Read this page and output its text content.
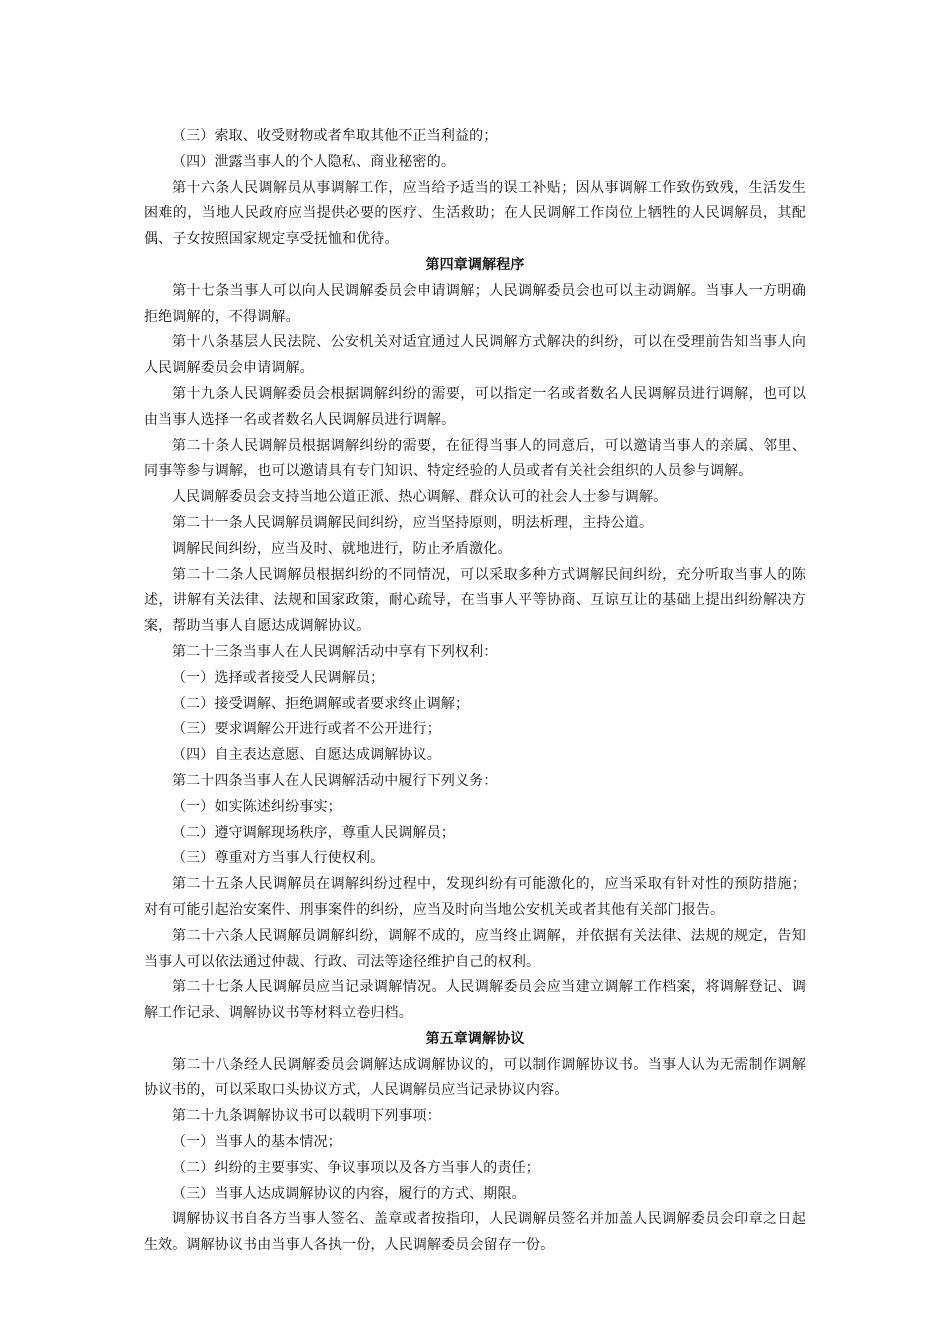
（三）索取、收受财物或者牟取其他不正当利益的；

（四）泄露当事人的个人隐私、商业秘密的。

第十六条人民调解员从事调解工作，应当给予适当的误工补贴；因从事调解工作致伤致残，生活发生困难的，当地人民政府应当提供必要的医疗、生活救助；在人民调解工作岗位上牺牲的人民调解员，其配偶、子女按照国家规定享受抚恤和优待。

第四章调解程序

第十七条当事人可以向人民调解委员会申请调解；人民调解委员会也可以主动调解。当事人一方明确拒绝调解的，不得调解。

第十八条基层人民法院、公安机关对适宜通过人民调解方式解决的纠纷，可以在受理前告知当事人向人民调解委员会申请调解。

第十九条人民调解委员会根据调解纠纷的需要，可以指定一名或者数名人民调解员进行调解，也可以由当事人选择一名或者数名人民调解员进行调解。

第二十条人民调解员根据调解纠纷的需要，在征得当事人的同意后，可以邀请当事人的亲属、邻里、同事等参与调解，也可以邀请具有专门知识、特定经验的人员或者有关社会组织的人员参与调解。

人民调解委员会支持当地公道正派、热心调解、群众认可的社会人士参与调解。

第二十一条人民调解员调解民间纠纷，应当坚持原则，明法析理，主持公道。

调解民间纠纷，应当及时、就地进行，防止矛盾激化。

第二十二条人民调解员根据纠纷的不同情况，可以采取多种方式调解民间纠纷，充分听取当事人的陈述，讲解有关法律、法规和国家政策，耐心疏导，在当事人平等协商、互谅互让的基础上提出纠纷解决方案，帮助当事人自愿达成调解协议。

第二十三条当事人在人民调解活动中享有下列权利：

（一）选择或者接受人民调解员；

（二）接受调解、拒绝调解或者要求终止调解；

（三）要求调解公开进行或者不公开进行；

（四）自主表达意愿、自愿达成调解协议。

第二十四条当事人在人民调解活动中履行下列义务：

（一）如实陈述纠纷事实；

（二）遵守调解现场秩序，尊重人民调解员；

（三）尊重对方当事人行使权利。

第二十五条人民调解员在调解纠纷过程中，发现纠纷有可能激化的，应当采取有针对性的预防措施；对有可能引起治安案件、刑事案件的纠纷，应当及时向当地公安机关或者其他有关部门报告。

第二十六条人民调解员调解纠纷，调解不成的，应当终止调解，并依据有关法律、法规的规定，告知当事人可以依法通过仲裁、行政、司法等途径维护自己的权利。

第二十七条人民调解员应当记录调解情况。人民调解委员会应当建立调解工作档案，将调解登记、调解工作记录、调解协议书等材料立卷归档。

第五章调解协议

第二十八条经人民调解委员会调解达成调解协议的，可以制作调解协议书。当事人认为无需制作调解协议书的，可以采取口头协议方式，人民调解员应当记录协议内容。

第二十九条调解协议书可以载明下列事项：

（一）当事人的基本情况；

（二）纠纷的主要事实、争议事项以及各方当事人的责任；

（三）当事人达成调解协议的内容，履行的方式、期限。

调解协议书自各方当事人签名、盖章或者按指印，人民调解员签名并加盖人民调解委员会印章之日起生效。调解协议书由当事人各执一份，人民调解委员会留存一份。
